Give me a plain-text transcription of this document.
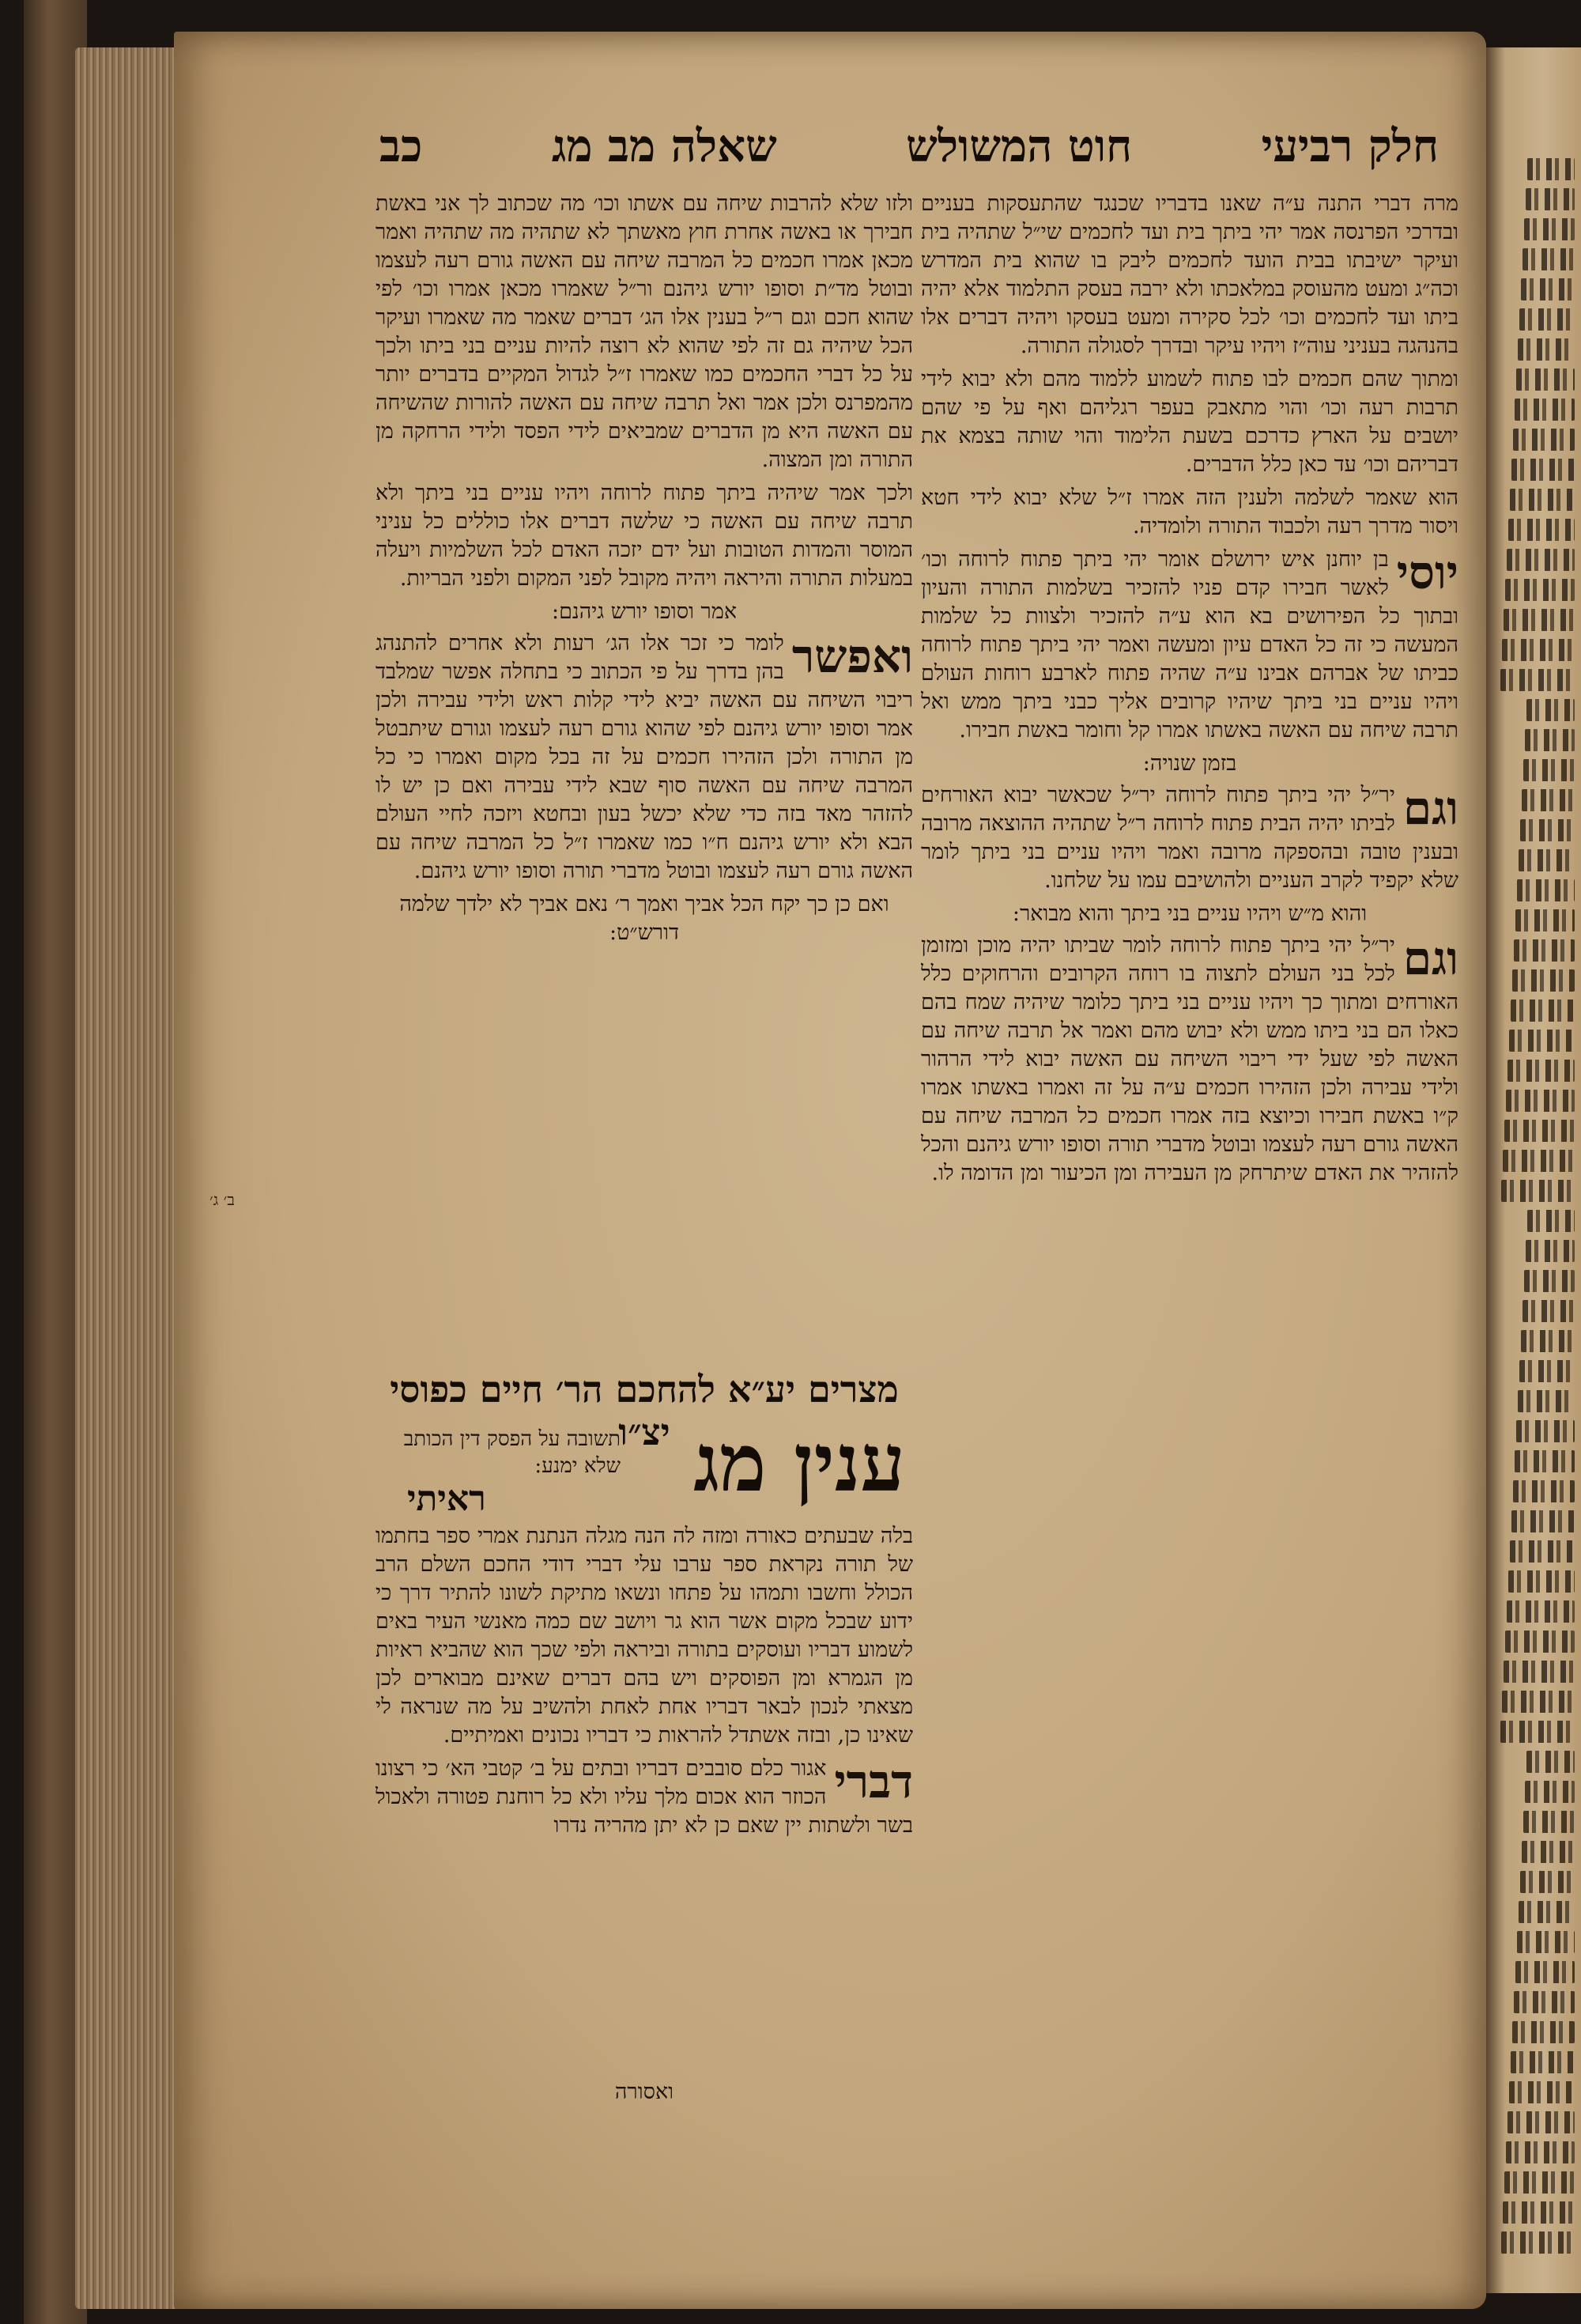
חלק רביעי
חוט המשולש
שאלה מב מג
כב

מרה דברי התנה ע״ה שאנו בדבריו שכנגד שהתעסקות בעניים ובדרכי הפרנסה אמר יהי ביתך בית ועד לחכמים שי״ל שתהיה בית ועיקר ישיבתו בבית הועד לחכמים ליבק בו שהוא בית המדרש וכה״ג ומעט מהעוסק במלאכתו ולא ירבה בעסק התלמוד אלא יהיה ביתו ועד לחכמים וכו׳ לכל סקירה ומעט בעסקו ויהיה דברים אלו בהנהגה בעניני עוה״ז ויהיו עיקר ובדרך לסגולה התורה.

ומתוך שהם חכמים לבו פתוח לשמוע ללמוד מהם ולא יבוא לידי תרבות רעה וכו׳ והוי מתאבק בעפר רגליהם ואף על פי שהם יושבים על הארץ כדרכם בשעת הלימוד והוי שותה בצמא את דבריהם וכו׳ עד כאן כלל הדברים.

הוא שאמר לשלמה ולענין הזה אמרו ז״ל שלא יבוא לידי חטא ויסור מדרך רעה ולכבוד התורה ולומדיה.

יוסי
בן יוחנן איש ירושלם אומר יהי ביתך פתוח לרוחה וכו׳ לאשר חבירו קדם פניו להזכיר בשלמות התורה והעיון ובתוך כל הפירושים בא הוא ע״ה להזכיר ולצוות כל שלמות המעשה כי זה כל האדם עיון ומעשה ואמר יהי ביתך פתוח לרוחה כביתו של אברהם אבינו ע״ה שהיה פתוח לארבע רוחות העולם ויהיו עניים בני ביתך שיהיו קרובים אליך כבני ביתך ממש ואל תרבה שיחה עם האשה באשתו אמרו קל וחומר באשת חבירו.

בזמן שנויה:

וגם
יר״ל יהי ביתך פתוח לרוחה יר״ל שכאשר יבוא האורחים לביתו יהיה הבית פתוח לרוחה ר״ל שתהיה ההוצאה מרובה ובענין טובה ובהספקה מרובה ואמר ויהיו עניים בני ביתך לומר שלא יקפיד לקרב העניים ולהושיבם עמו על שלחנו.

והוא מ״ש ויהיו עניים בני ביתך והוא מבואר:

וגם
יר״ל יהי ביתך פתוח לרוחה לומר שביתו יהיה מוכן ומזומן לכל בני העולם לתצוה בו רוחה הקרובים והרחוקים כלל האורחים ומתוך כך ויהיו עניים בני ביתך כלומר שיהיה שמח בהם כאלו הם בני ביתו ממש ולא יבוש מהם ואמר אל תרבה שיחה עם האשה לפי שעל ידי ריבוי השיחה עם האשה יבוא לידי הרהור ולידי עבירה ולכן הזהירו חכמים ע״ה על זה ואמרו באשתו אמרו ק״ו באשת חבירו וכיוצא בזה אמרו חכמים כל המרבה שיחה עם האשה גורם רעה לעצמו ובוטל מדברי תורה וסופו יורש גיהנם והכל להזהיר את האדם שיתרחק מן העבירה ומן הכיעור ומן הדומה לו.

ולזו שלא להרבות שיחה עם אשתו וכו׳ מה שכתוב לך אני באשת חבירך או באשה אחרת חוץ מאשתך לא שתהיה מה שתהיה ואמר מכאן אמרו חכמים כל המרבה שיחה עם האשה גורם רעה לעצמו ובוטל מד״ת וסופו יורש גיהנם ור״ל שאמרו מכאן אמרו וכו׳ לפי שהוא חכם וגם ר״ל בענין אלו הג׳ דברים שאמר מה שאמרו ועיקר הכל שיהיה גם זה לפי שהוא לא רוצה להיות עניים בני ביתו ולכך על כל דברי החכמים כמו שאמרו ז״ל לגדול המקיים בדברים יותר מהמפרנס ולכן אמר ואל תרבה שיחה עם האשה להורות שהשיחה עם האשה היא מן הדברים שמביאים לידי הפסד ולידי הרחקה מן התורה ומן המצוה.

ולכך אמר שיהיה ביתך פתוח לרוחה ויהיו עניים בני ביתך ולא תרבה שיחה עם האשה כי שלשה דברים אלו כוללים כל עניני המוסר והמדות הטובות ועל ידם יזכה האדם לכל השלמיות ויעלה במעלות התורה והיראה ויהיה מקובל לפני המקום ולפני הבריות.

אמר וסופו יורש גיהנם:

ואפשר
לומר כי זכר אלו הג׳ רעות ולא אחרים להתנהג בהן בדרך על פי הכתוב כי בתחלה אפשר שמלבד ריבוי השיחה עם האשה יביא לידי קלות ראש ולידי עבירה ולכן אמר וסופו יורש גיהנם לפי שהוא גורם רעה לעצמו וגורם שיתבטל מן התורה ולכן הזהירו חכמים על זה בכל מקום ואמרו כי כל המרבה שיחה עם האשה סוף שבא לידי עבירה ואם כן יש לו להזהר מאד בזה כדי שלא יכשל בעון ובחטא ויזכה לחיי העולם הבא ולא יורש גיהנם ח״ו כמו שאמרו ז״ל כל המרבה שיחה עם האשה גורם רעה לעצמו ובוטל מדברי תורה וסופו יורש גיהנם.

ואם כן כך יקח הכל אביך ואמך ר׳ נאם אביך לא ילדך שלמה דורש״ט:
מצרים יע״א להחכם הר׳ חיים כפוסי יצ״ו ענין מג
תשובה על הפסק דין הכותב שלא ימנע:
ראיתי

בלה שבעתים כאורה ומזה לה הנה מגלה הנתנת אמרי ספר בחתמו של תורה נקראת ספר ערבו עלי דברי דודי החכם השלם הרב הכולל וחשבו ותמהו על פתחו ונשאו מתיקת לשונו להתיר דרך כי ידוע שבכל מקום אשר הוא גר ויושב שם כמה מאנשי העיר באים לשמוע דבריו ועוסקים בתורה וביראה ולפי שכך הוא שהביא ראיות מן הגמרא ומן הפוסקים ויש בהם דברים שאינם מבוארים לכן מצאתי לנכון לבאר דבריו אחת לאחת ולהשיב על מה שנראה לי שאינו כן, ובזה אשתדל להראות כי דבריו נכונים ואמיתיים.

דברי
אגור כלם סובבים דבריו ובתים על ב׳ קטבי הא׳ כי רצונו הכוזר הוא אכום מלך עליו ולא כל רוחנת פטורה ולאכול בשר ולשתות יין שאם כן לא יתן מהריה נדרו

ואסורה
ב׳ ג׳
